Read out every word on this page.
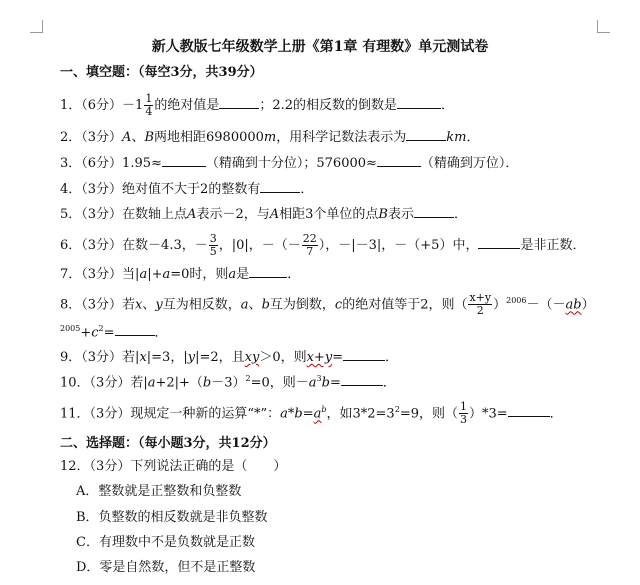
新人教版七年级数学上册《第1章 有理数》单元测试卷
一、填空题：（每空3分，共39分）
1．（6分）$-1 \frac{1}{4}$ 的绝对值是	；2.2的相反数的倒数是	．
2．（3分）A、B两地相距6980000m，用科学记数法表示为	km．
3．（6分）1.95≈	（精确到十分位）；576000≈	（精确到万位）．
4．（3分）绝对值不大于2的整数有	．
5．（3分）在数轴上点A表示－2，与A相距3个单位的点B表示	．
6．（3分）在数－4.3，－ $\frac{3}{5}$ ，|0|，－（－ $\frac{22}{7}$ ），－|－3|，－（+5）中，	是非正数．
7．（3分）当|a|+a=0时，则a是	．
8．（3分）若x、y互为相反数，a、b互为倒数，c的绝对值等于2，则（ $\frac{x+y}{2} )^{2006}-(-ab)$
$^{2005}+c^2=$	．
9．（3分）若|x|=3，|y|=2，且xy＞0，则x+y=	．
10．（3分）若$|a+2|+(b-3)^2=0$，则$-a^3b=$	．
11．（3分）现规定一种新的运算“*”：$a*b=a^b$，如$3*2=3^2=9$，则（ $\frac{1}{3} )*3=$	．
二、选择题：（每小题3分，共12分）
12．（3分）下列说法正确的是（　　）
A．整数就是正整数和负整数
B．负整数的相反数就是非负整数
C．有理数中不是负数就是正数
D．零是自然数，但不是正整数
